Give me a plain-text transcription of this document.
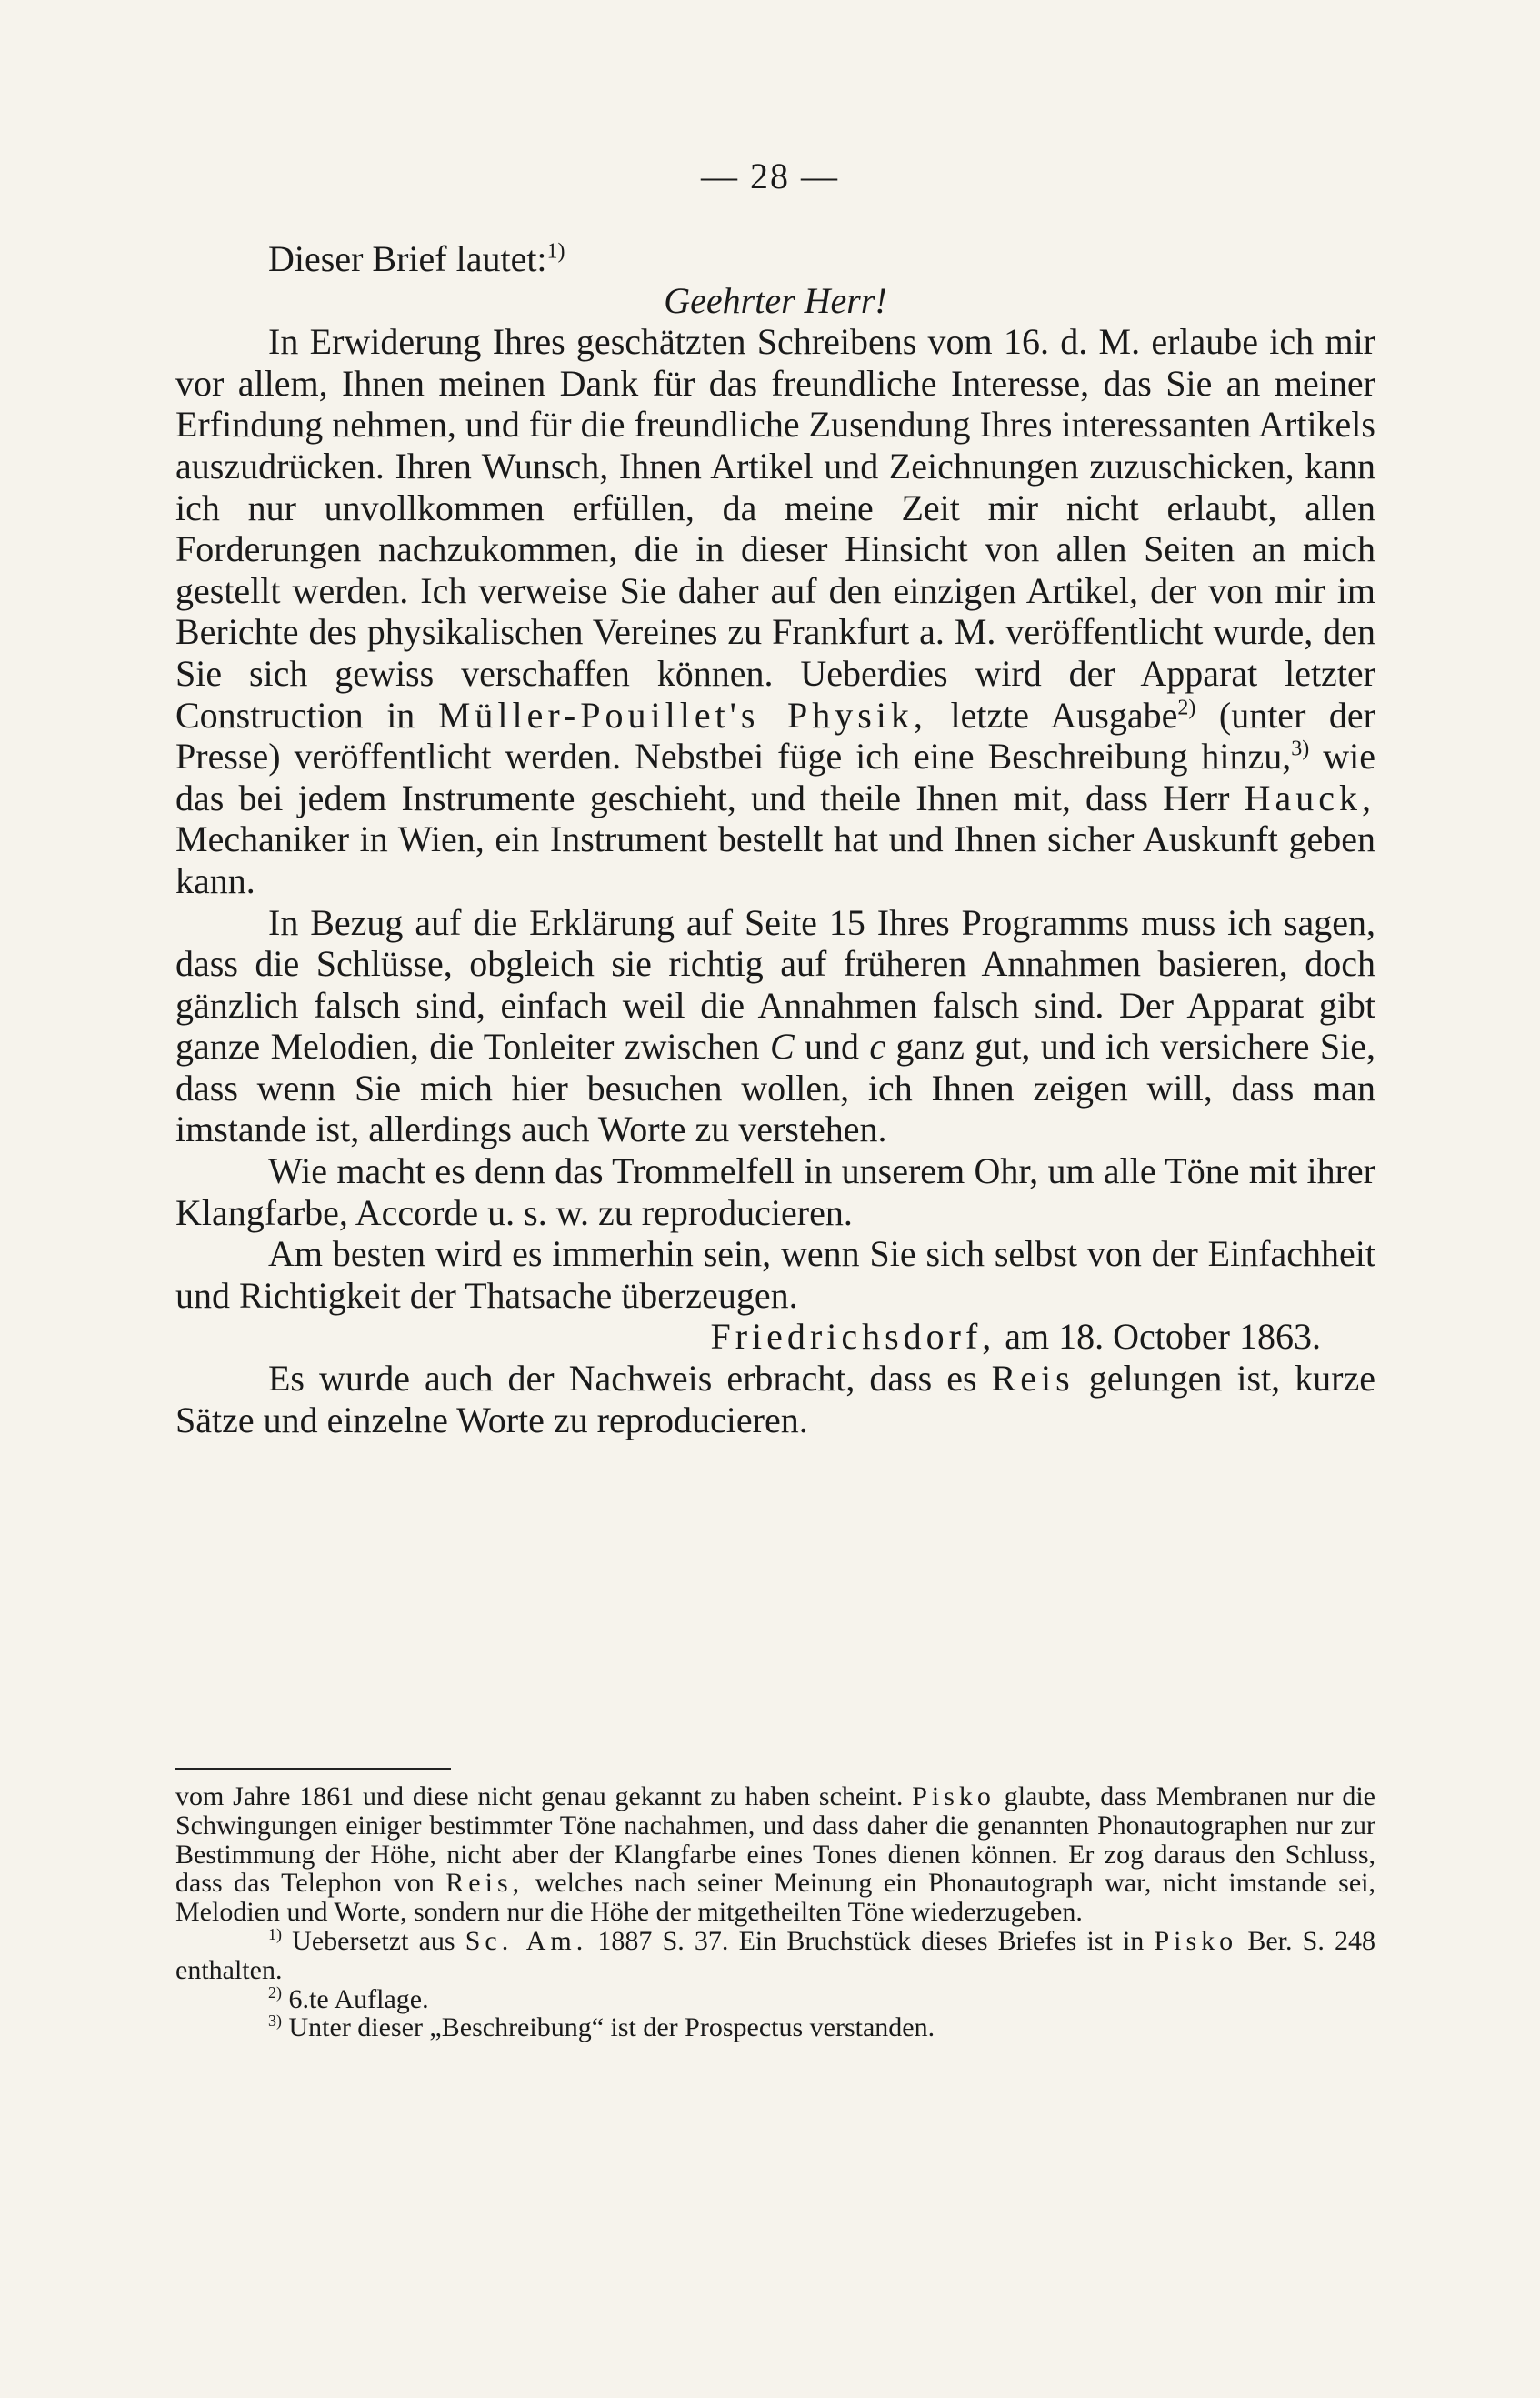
— 28 —

Dieser Brief lautet:$^{1)}$

Geehrter Herr!

In Erwiderung Ihres geschätzten Schreibens vom 16. d. M. erlaube ich mir vor allem, Ihnen meinen Dank für das freundliche Interesse, das Sie an meiner Erfindung nehmen, und für die freundliche Zusendung Ihres interessanten Artikels auszudrücken. Ihren Wunsch, Ihnen Artikel und Zeichnungen zuzuschicken, kann ich nur unvollkommen erfüllen, da meine Zeit mir nicht erlaubt, allen Forderungen nachzukommen, die in dieser Hinsicht von allen Seiten an mich gestellt werden. Ich verweise Sie daher auf den einzigen Artikel, der von mir im Berichte des physikalischen Vereines zu Frankfurt a. M. veröffentlicht wurde, den Sie sich gewiss verschaffen können. Ueberdies wird der Apparat letzter Construction in Müller-Pouillet's Physik, letzte Ausgabe$^{2)}$ (unter der Presse) veröffentlicht werden. Nebstbei füge ich eine Beschreibung hinzu,$^{3)}$ wie das bei jedem Instrumente geschieht, und theile Ihnen mit, dass Herr Hauck, Mechaniker in Wien, ein Instrument bestellt hat und Ihnen sicher Auskunft geben kann.

In Bezug auf die Erklärung auf Seite 15 Ihres Programms muss ich sagen, dass die Schlüsse, obgleich sie richtig auf früheren Annahmen basieren, doch gänzlich falsch sind, einfach weil die Annahmen falsch sind. Der Apparat gibt ganze Melodien, die Tonleiter zwischen C und c ganz gut, und ich versichere Sie, dass wenn Sie mich hier besuchen wollen, ich Ihnen zeigen will, dass man imstande ist, allerdings auch Worte zu verstehen.

Wie macht es denn das Trommelfell in unserem Ohr, um alle Töne mit ihrer Klangfarbe, Accorde u. s. w. zu reproducieren.

Am besten wird es immerhin sein, wenn Sie sich selbst von der Einfachheit und Richtigkeit der Thatsache überzeugen.

Friedrichsdorf, am 18. October 1863.

Es wurde auch der Nachweis erbracht, dass es Reis gelungen ist, kurze Sätze und einzelne Worte zu reproducieren.

vom Jahre 1861 und diese nicht genau gekannt zu haben scheint. Pisko glaubte, dass Membranen nur die Schwingungen einiger bestimmter Töne nachahmen, und dass daher die genannten Phonautographen nur zur Bestimmung der Höhe, nicht aber der Klangfarbe eines Tones dienen können. Er zog daraus den Schluss, dass das Telephon von Reis, welches nach seiner Meinung ein Phonautograph war, nicht imstande sei, Melodien und Worte, sondern nur die Höhe der mitgetheilten Töne wiederzugeben.

$^{1)}$ Uebersetzt aus Sc. Am. 1887 S. 37. Ein Bruchstück dieses Briefes ist in Pisko Ber. S. 248 enthalten.

$^{2)}$ 6.te Auflage.

$^{3)}$ Unter dieser „Beschreibung“ ist der Prospectus verstanden.
